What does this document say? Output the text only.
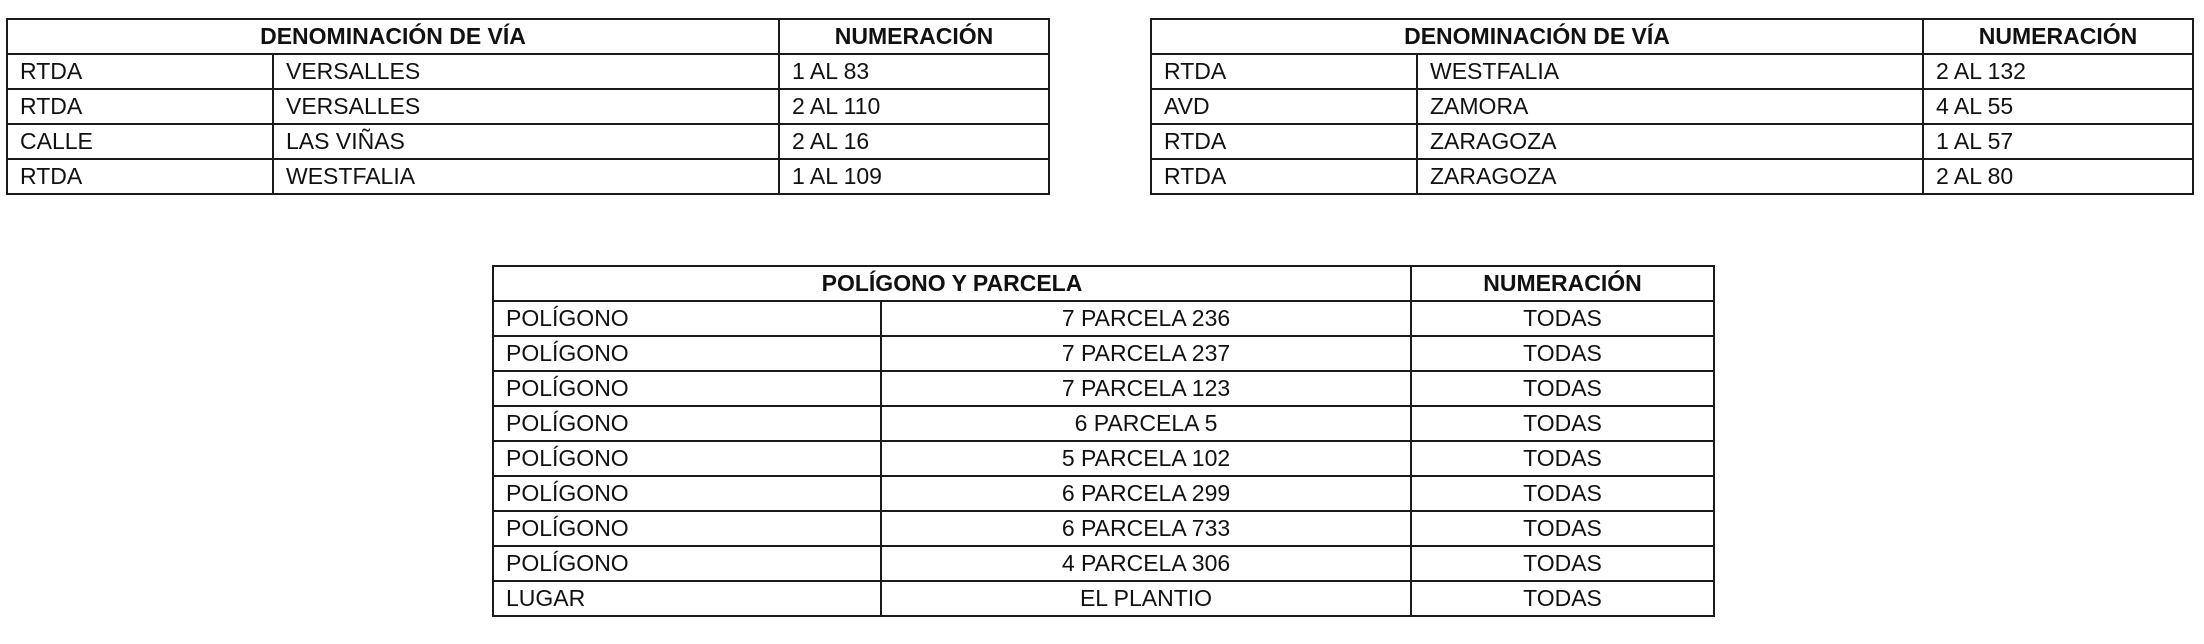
DENOMINACIÓN DE VÍA		NUMERACIÓN
RTDA	VERSALLES	1 AL 83
RTDA	VERSALLES	2 AL 110
CALLE	LAS VIÑAS	2 AL 16
RTDA	WESTFALIA	1 AL 109
DENOMINACIÓN DE VÍA		NUMERACIÓN
RTDA	WESTFALIA	2 AL 132
AVD	ZAMORA	4 AL 55
RTDA	ZARAGOZA	1 AL 57
RTDA	ZARAGOZA	2 AL 80
POLÍGONO Y PARCELA		NUMERACIÓN
POLÍGONO	7 PARCELA 236	TODAS
POLÍGONO	7 PARCELA 237	TODAS
POLÍGONO	7 PARCELA 123	TODAS
POLÍGONO	6 PARCELA 5	TODAS
POLÍGONO	5 PARCELA 102	TODAS
POLÍGONO	6 PARCELA 299	TODAS
POLÍGONO	6 PARCELA 733	TODAS
POLÍGONO	4 PARCELA 306	TODAS
LUGAR	EL PLANTIO	TODAS
